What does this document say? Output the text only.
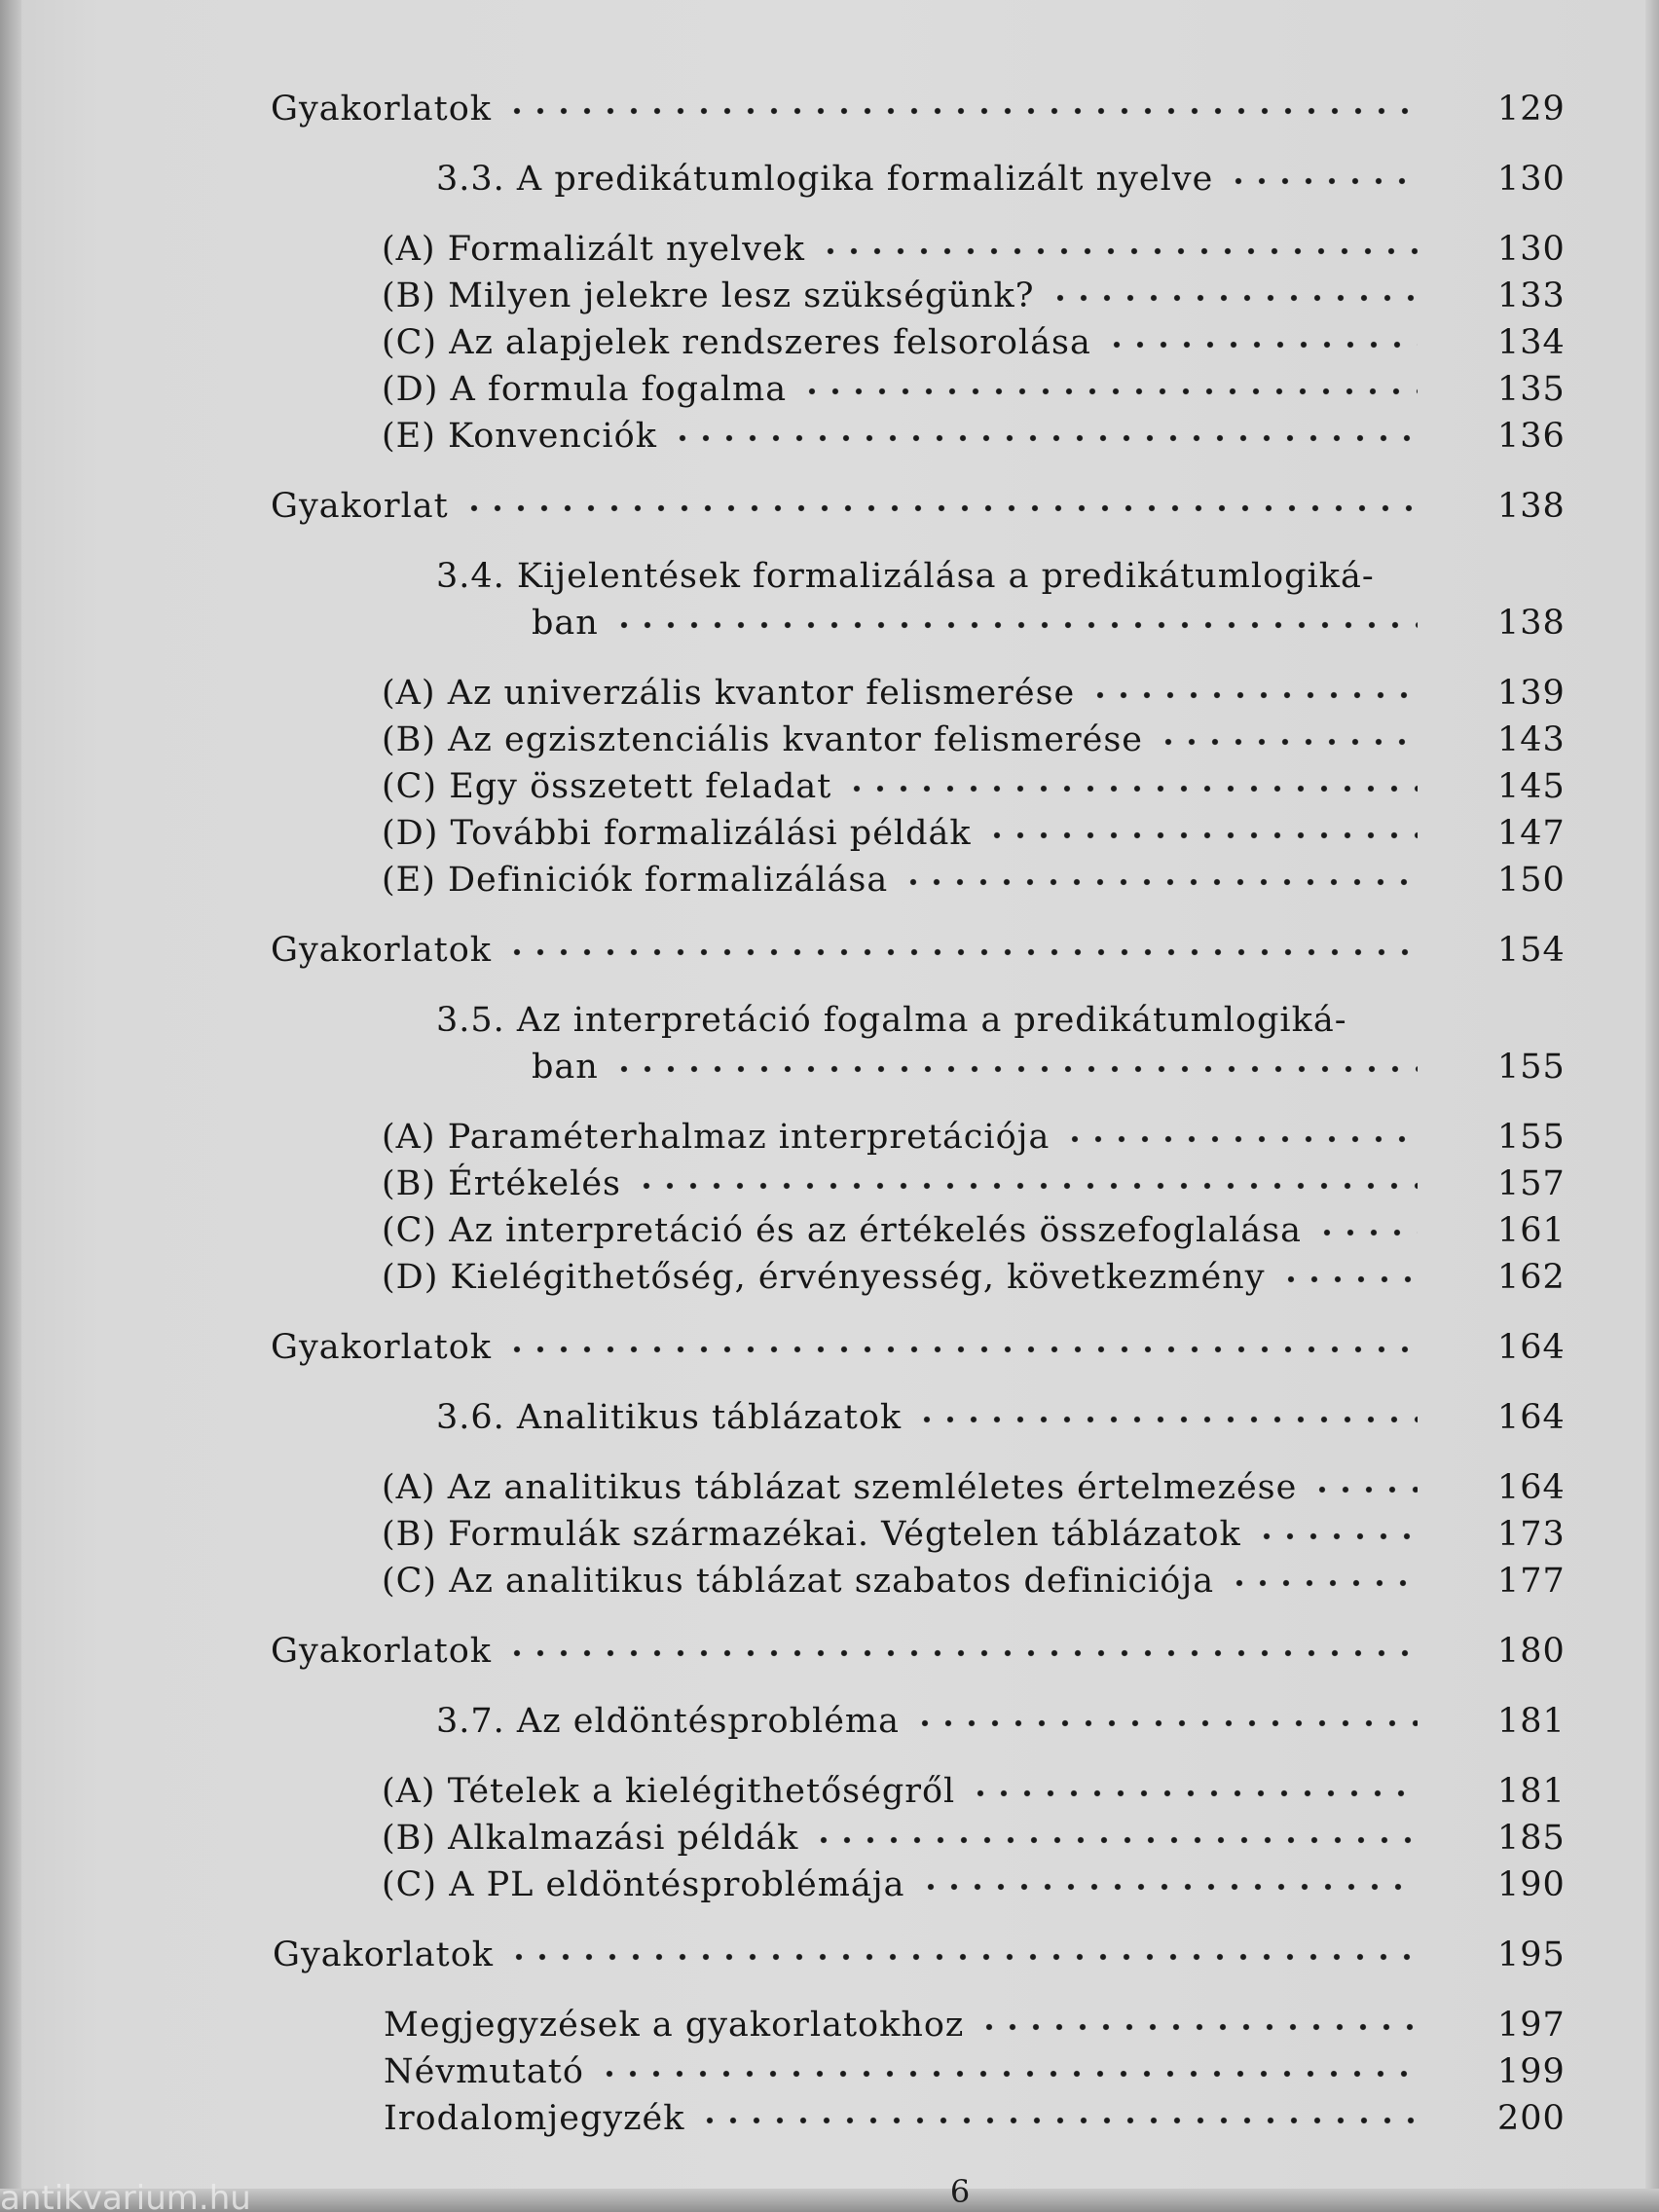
Gyakorlatok	129
3.3. A predikátumlogika formalizált nyelve	130
(A) Formalizált nyelvek	130
(B) Milyen jelekre lesz szükségünk?	133
(C) Az alapjelek rendszeres felsorolása	134
(D) A formula fogalma	135
(E) Konvenciók	136
Gyakorlat	138
3.4. Kijelentések formalizálása a predikátumlogiká-
ban	138
(A) Az univerzális kvantor felismerése	139
(B) Az egzisztenciális kvantor felismerése	143
(C) Egy összetett feladat	145
(D) További formalizálási példák	147
(E) Definiciók formalizálása	150
Gyakorlatok	154
3.5. Az interpretáció fogalma a predikátumlogiká-
ban	155
(A) Paraméterhalmaz interpretációja	155
(B) Értékelés	157
(C) Az interpretáció és az értékelés összefoglalása	161
(D) Kielégithetőség, érvényesség, következmény	162
Gyakorlatok	164
3.6. Analitikus táblázatok	164
(A) Az analitikus táblázat szemléletes értelmezése	164
(B) Formulák származékai. Végtelen táblázatok	173
(C) Az analitikus táblázat szabatos definiciója	177
Gyakorlatok	180
3.7. Az eldöntésprobléma	181
(A) Tételek a kielégithetőségről	181
(B) Alkalmazási példák	185
(C) A PL eldöntésproblémája	190
Gyakorlatok	195
Megjegyzések a gyakorlatokhoz	197
Névmutató	199
Irodalomjegyzék	200
6
antikvarium.hu
